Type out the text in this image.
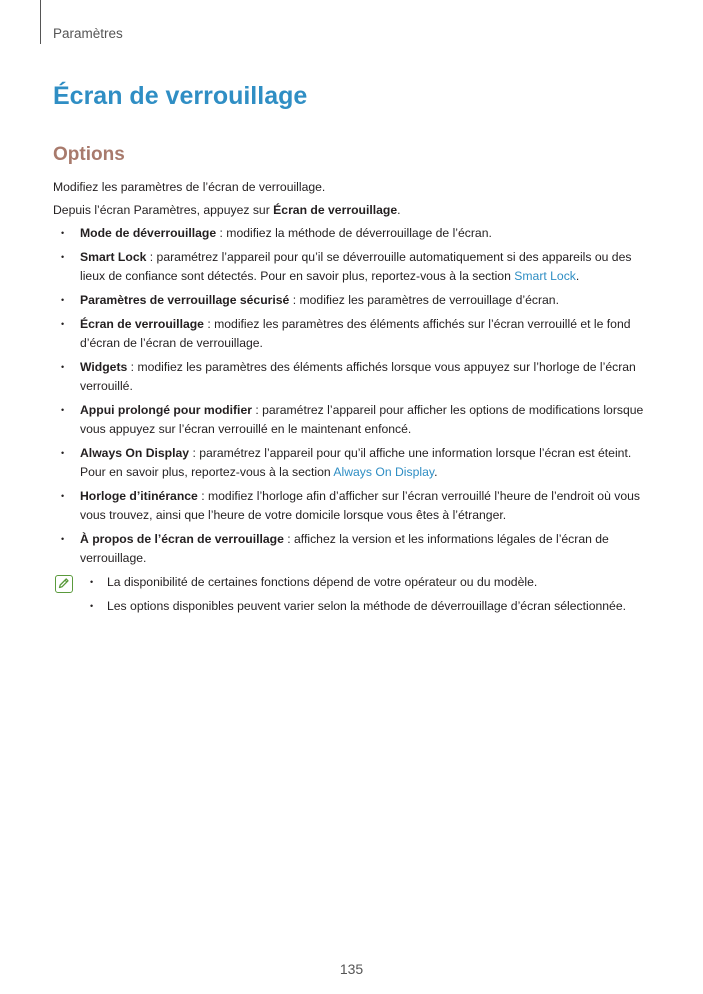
Paramètres
Écran de verrouillage
Options

Modifiez les paramètres de l’écran de verrouillage.

Depuis l’écran Paramètres, appuyez sur Écran de verrouillage.

• Mode de déverrouillage : modifiez la méthode de déverrouillage de l’écran.
• Smart Lock : paramétrez l’appareil pour qu’il se déverrouille automatiquement si des appareils ou des lieux de confiance sont détectés. Pour en savoir plus, reportez-vous à la section Smart Lock.
• Paramètres de verrouillage sécurisé : modifiez les paramètres de verrouillage d’écran.
• Écran de verrouillage : modifiez les paramètres des éléments affichés sur l’écran verrouillé et le fond d’écran de l’écran de verrouillage.
• Widgets : modifiez les paramètres des éléments affichés lorsque vous appuyez sur l’horloge de l’écran verrouillé.
• Appui prolongé pour modifier : paramétrez l’appareil pour afficher les options de modifications lorsque vous appuyez sur l’écran verrouillé en le maintenant enfoncé.
• Always On Display : paramétrez l’appareil pour qu’il affiche une information lorsque l’écran est éteint. Pour en savoir plus, reportez-vous à la section Always On Display.
• Horloge d’itinérance : modifiez l’horloge afin d’afficher sur l’écran verrouillé l’heure de l’endroit où vous vous trouvez, ainsi que l’heure de votre domicile lorsque vous êtes à l’étranger.
• À propos de l’écran de verrouillage : affichez la version et les informations légales de l’écran de verrouillage.
• La disponibilité de certaines fonctions dépend de votre opérateur ou du modèle.
• Les options disponibles peuvent varier selon la méthode de déverrouillage d’écran sélectionnée.
135
